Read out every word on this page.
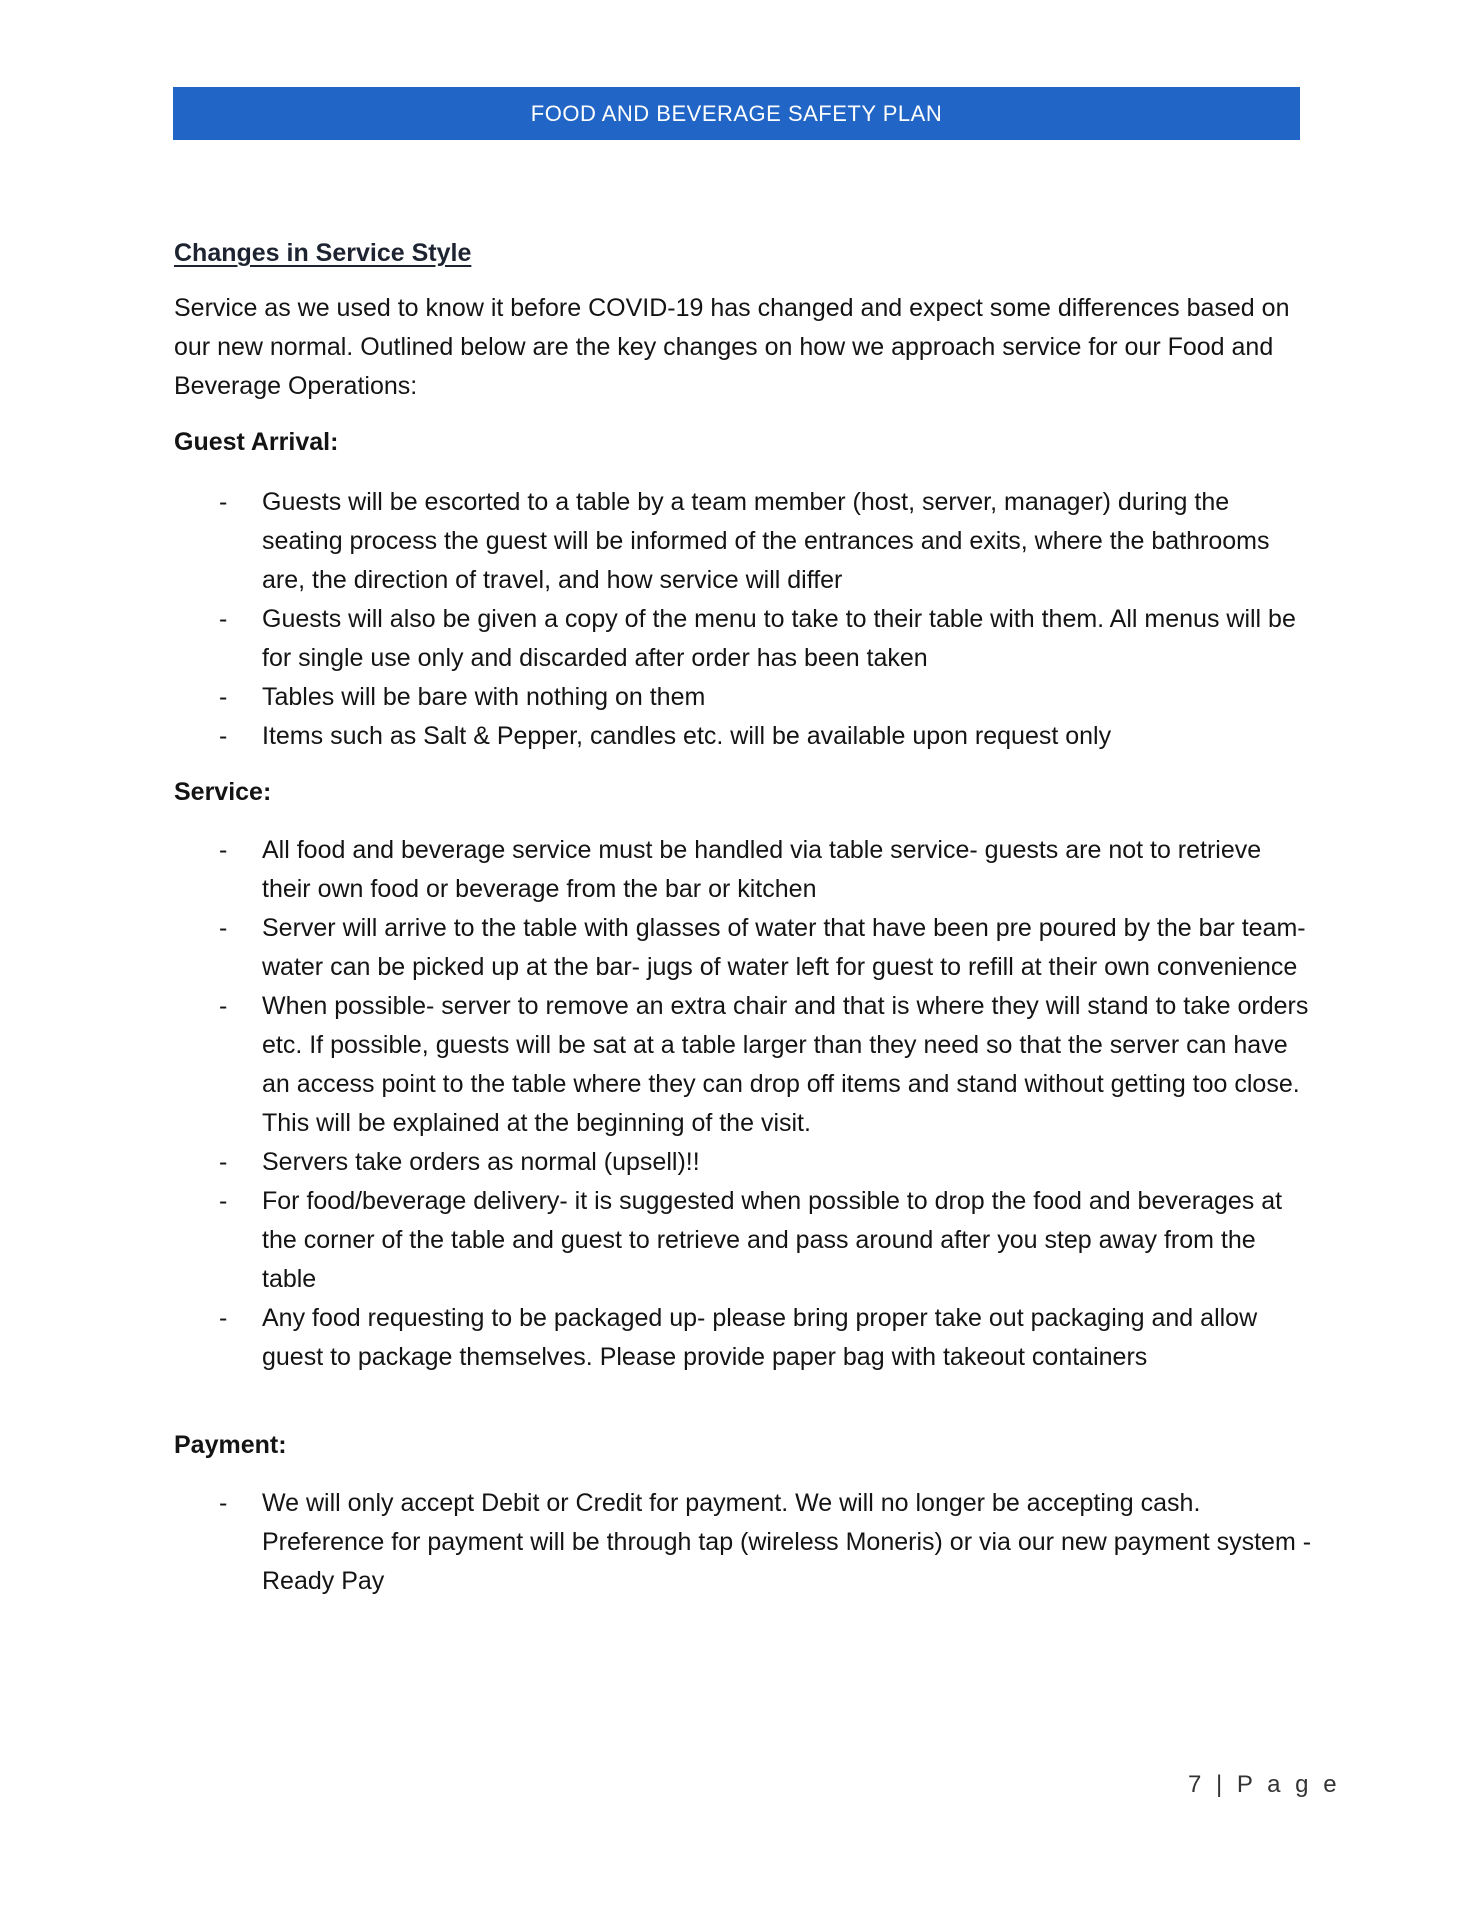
FOOD AND BEVERAGE SAFETY PLAN
Changes in Service Style

Service as we used to know it before COVID-19 has changed and expect some differences based on our new normal. Outlined below are the key changes on how we approach service for our Food and Beverage Operations:

Guest Arrival:
- Guests will be escorted to a table by a team member (host, server, manager) during the seating process the guest will be informed of the entrances and exits, where the bathrooms are, the direction of travel, and how service will differ
- Guests will also be given a copy of the menu to take to their table with them. All menus will be for single use only and discarded after order has been taken
- Tables will be bare with nothing on them
- Items such as Salt & Pepper, candles etc. will be available upon request only
Service:
- All food and beverage service must be handled via table service- guests are not to retrieve their own food or beverage from the bar or kitchen
- Server will arrive to the table with glasses of water that have been pre poured by the bar team- water can be picked up at the bar- jugs of water left for guest to refill at their own convenience
- When possible- server to remove an extra chair and that is where they will stand to take orders etc. If possible, guests will be sat at a table larger than they need so that the server can have an access point to the table where they can drop off items and stand without getting too close. This will be explained at the beginning of the visit.
- Servers take orders as normal (upsell)!!
- For food/beverage delivery- it is suggested when possible to drop the food and beverages at the corner of the table and guest to retrieve and pass around after you step away from the table
- Any food requesting to be packaged up- please bring proper take out packaging and allow guest to package themselves. Please provide paper bag with takeout containers
Payment:
- We will only accept Debit or Credit for payment. We will no longer be accepting cash. Preference for payment will be through tap (wireless Moneris) or via our new payment system - Ready Pay
7 | P a g e
